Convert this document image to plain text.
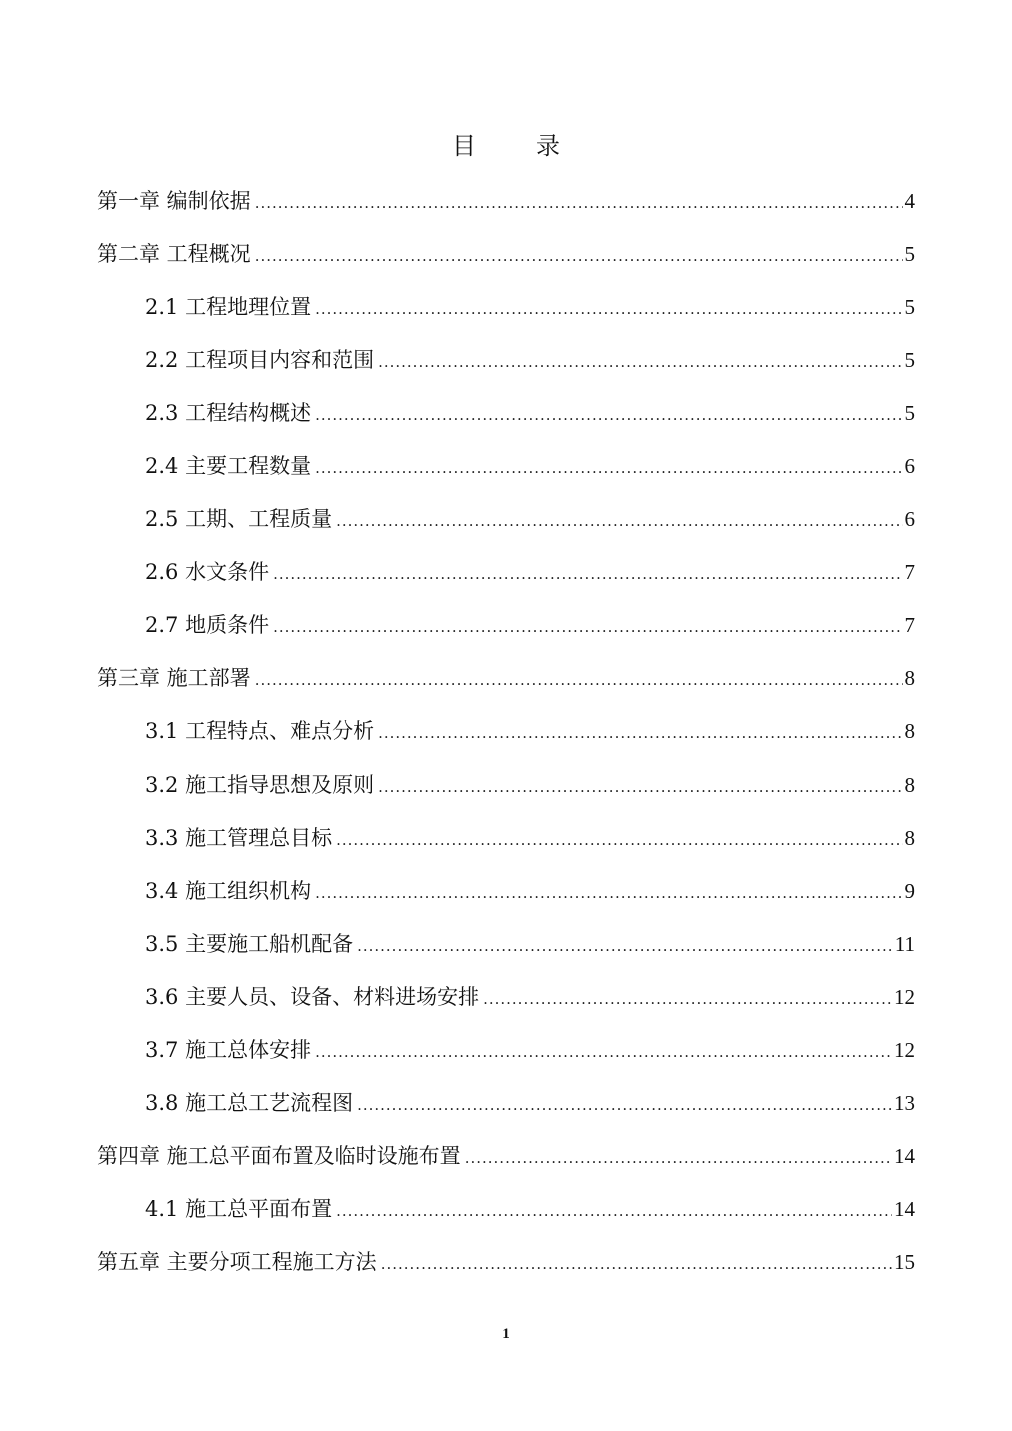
目录
第一章 编制依据 .....	4
第二章 工程概况 .....	5
2.1 工程地理位置 .....	5
2.2 工程项目内容和范围 .....	5
2.3 工程结构概述 .....	5
2.4 主要工程数量 .....	6
2.5 工期、工程质量 .....	6
2.6 水文条件 .....	7
2.7 地质条件 .....	7
第三章 施工部署 .....	8
3.1 工程特点、难点分析 .....	8
3.2 施工指导思想及原则 .....	8
3.3 施工管理总目标 .....	8
3.4 施工组织机构 .....	9
3.5 主要施工船机配备 .....	11
3.6 主要人员、设备、材料进场安排 .....	12
3.7 施工总体安排 .....	12
3.8 施工总工艺流程图 .....	13
第四章 施工总平面布置及临时设施布置 .....	14
4.1 施工总平面布置 .....	14
第五章 主要分项工程施工方法 .....	15
1
